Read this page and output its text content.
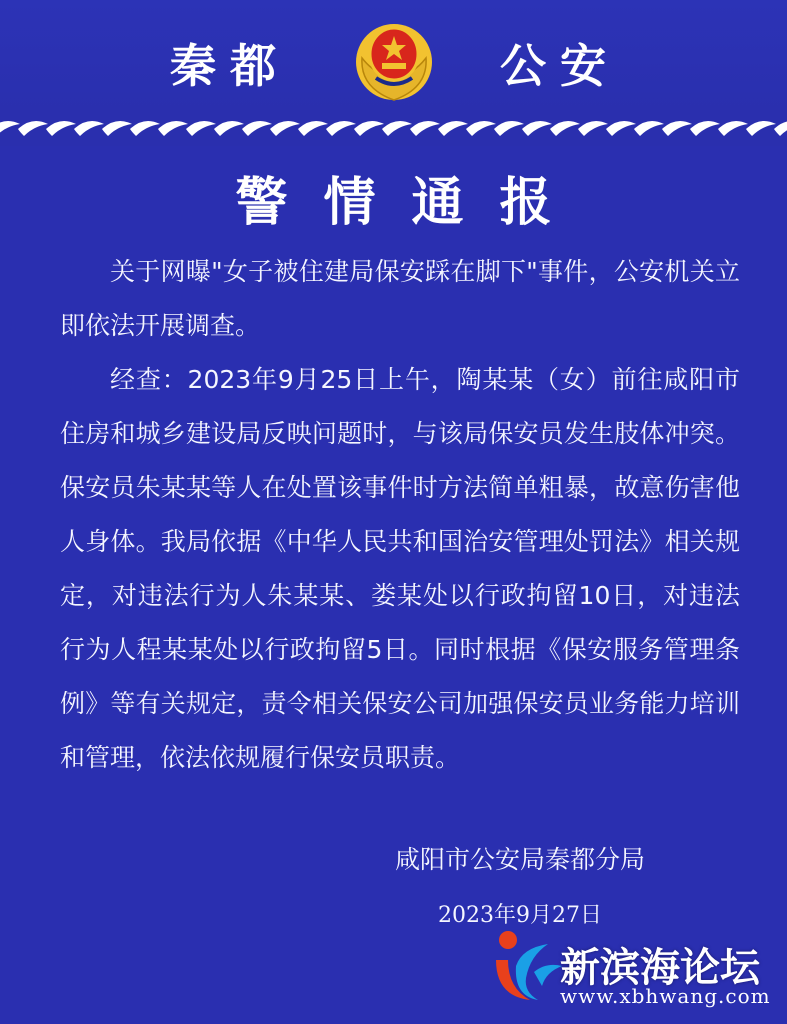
秦都	公安
警情通报

关于网曝"女子被住建局保安踩在脚下"事件，公安机关立即依法开展调查。

经查：2023年9月25日上午，陶某某（女）前往咸阳市住房和城乡建设局反映问题时，与该局保安员发生肢体冲突。保安员朱某某等人在处置该事件时方法简单粗暴，故意伤害他人身体。我局依据《中华人民共和国治安管理处罚法》相关规定，对违法行为人朱某某、娄某处以行政拘留10日，对违法行为人程某某处以行政拘留5日。同时根据《保安服务管理条例》等有关规定，责令相关保安公司加强保安员业务能力培训和管理，依法依规履行保安员职责。

咸阳市公安局秦都分局
2023年9月27日
新滨海论坛
www.xbhwang.com
